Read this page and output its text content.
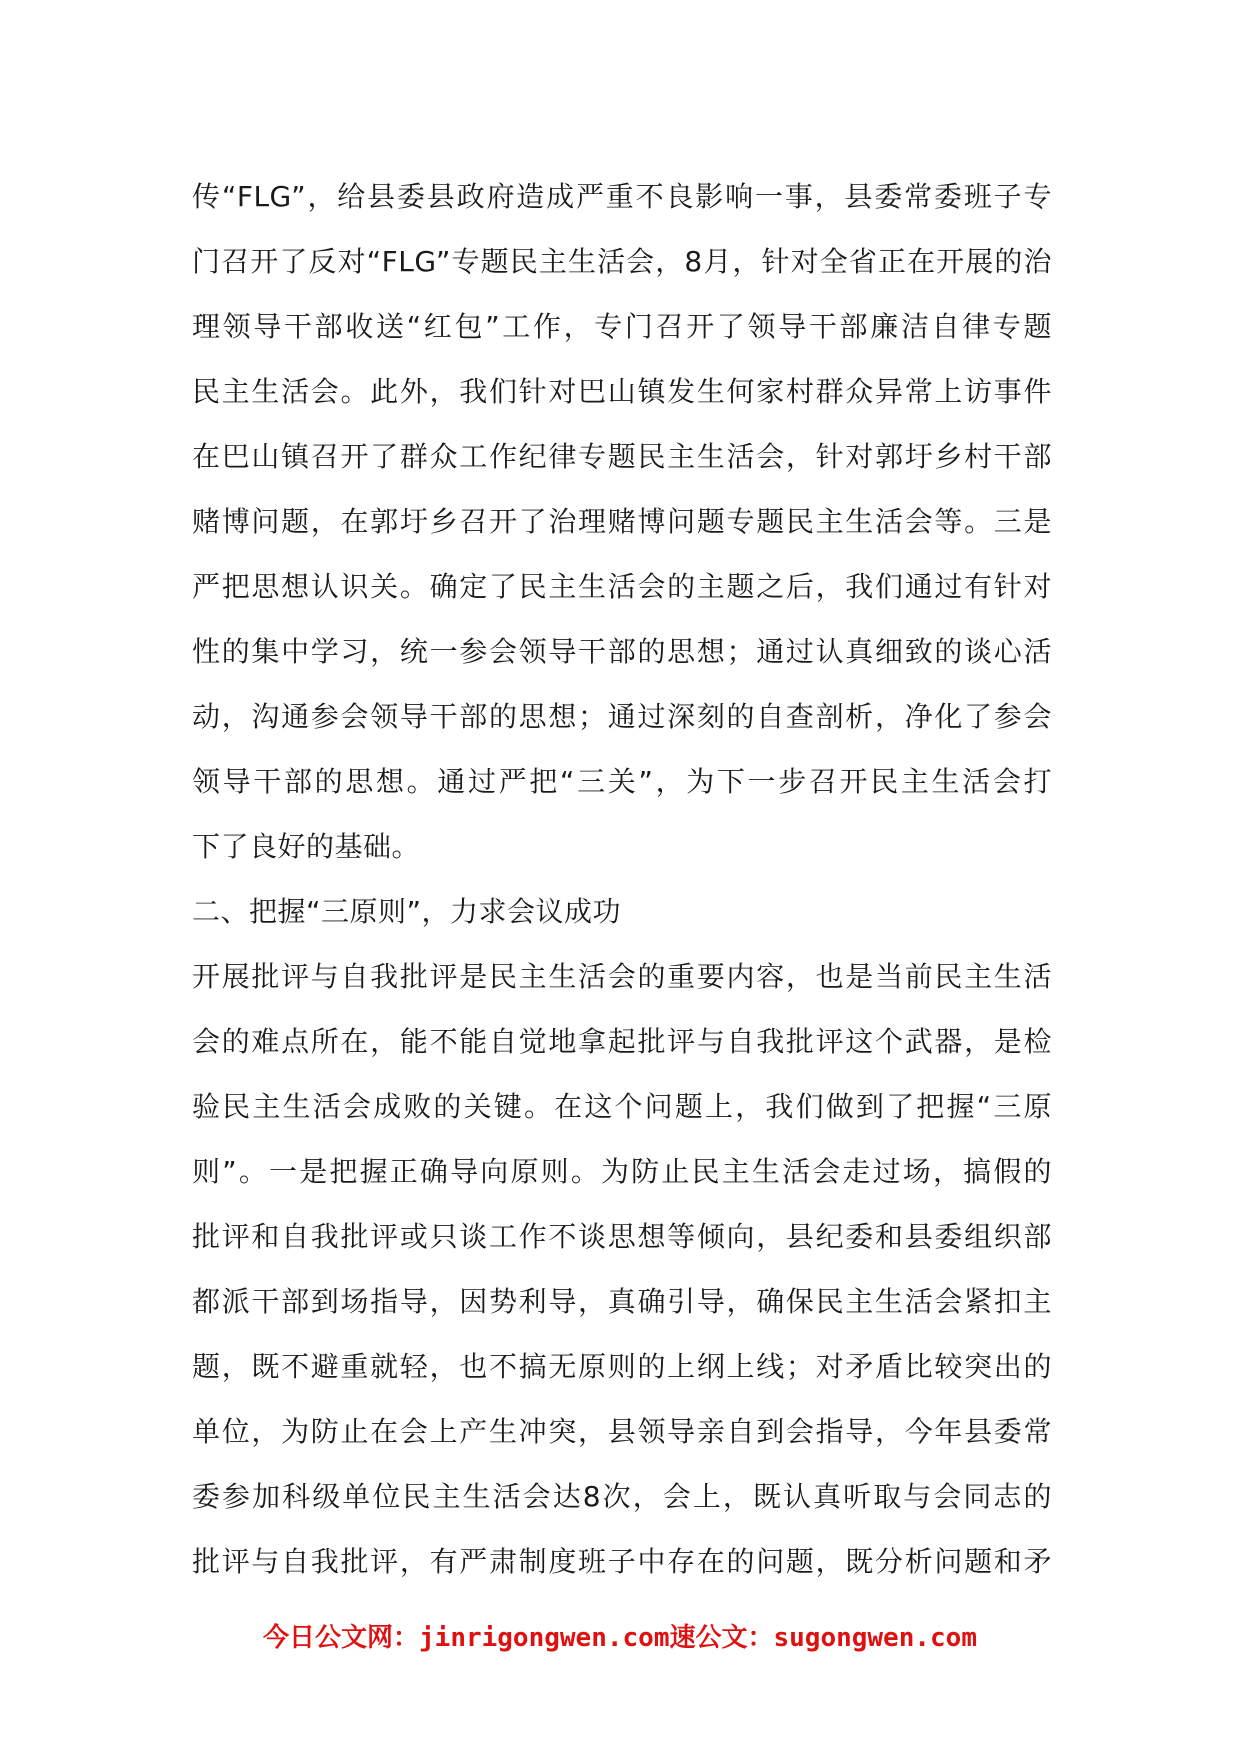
传“FLG”，给县委县政府造成严重不良影响一事，县委常委班子专
门召开了反对“FLG”专题民主生活会，8月，针对全省正在开展的治
理领导干部收送“红包”工作，专门召开了领导干部廉洁自律专题
民主生活会。此外，我们针对巴山镇发生何家村群众异常上访事件
在巴山镇召开了群众工作纪律专题民主生活会，针对郭圩乡村干部
赌博问题，在郭圩乡召开了治理赌博问题专题民主生活会等。三是
严把思想认识关。确定了民主生活会的主题之后，我们通过有针对
性的集中学习，统一参会领导干部的思想；通过认真细致的谈心活
动，沟通参会领导干部的思想；通过深刻的自查剖析，净化了参会
领导干部的思想。通过严把“三关”，为下一步召开民主生活会打
下了良好的基础。
二、把握“三原则”，力求会议成功
开展批评与自我批评是民主生活会的重要内容，也是当前民主生活
会的难点所在，能不能自觉地拿起批评与自我批评这个武器，是检
验民主生活会成败的关键。在这个问题上，我们做到了把握“三原
则”。一是把握正确导向原则。为防止民主生活会走过场，搞假的
批评和自我批评或只谈工作不谈思想等倾向，县纪委和县委组织部
都派干部到场指导，因势利导，真确引导，确保民主生活会紧扣主
题，既不避重就轻，也不搞无原则的上纲上线；对矛盾比较突出的
单位，为防止在会上产生冲突，县领导亲自到会指导，今年县委常
委参加科级单位民主生活会达8次，会上，既认真听取与会同志的
批评与自我批评，有严肃制度班子中存在的问题，既分析问题和矛
今日公文网：jinrigongwen.com速公文：sugongwen.com
